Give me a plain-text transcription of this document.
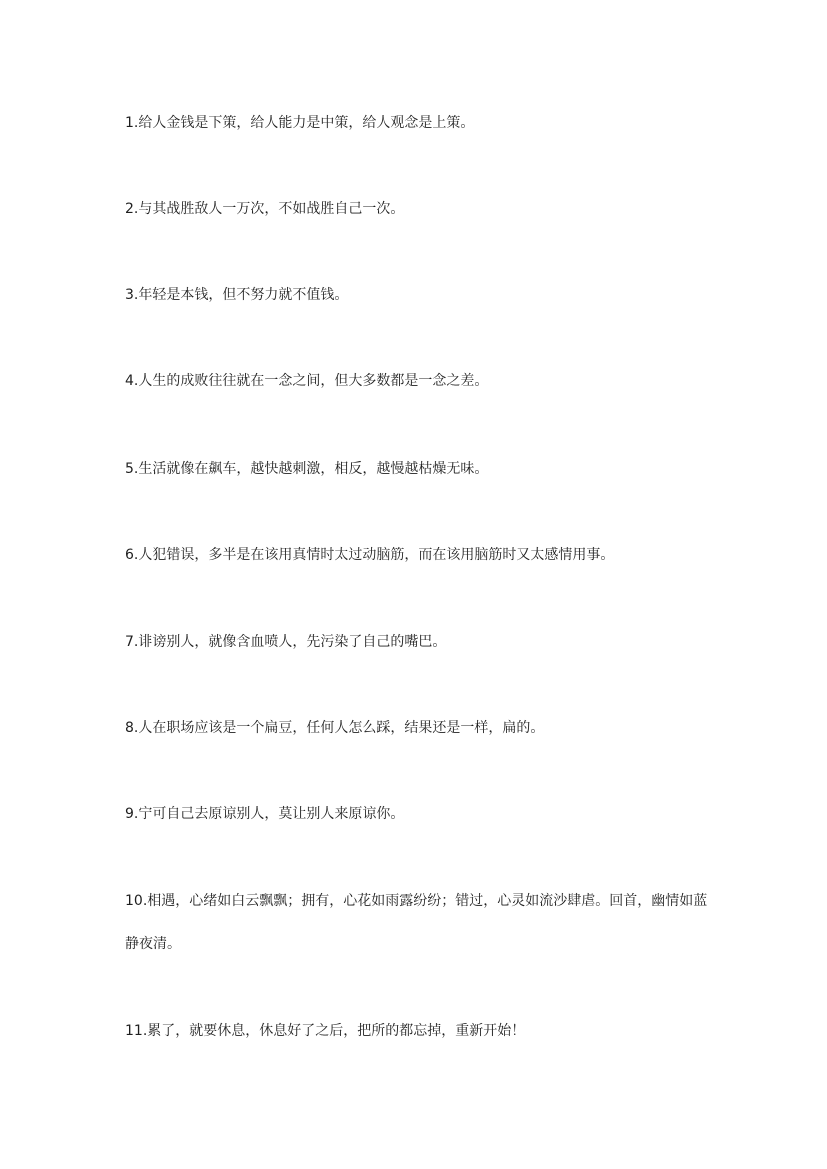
1.给人金钱是下策，给人能力是中策，给人观念是上策。

2.与其战胜敌人一万次，不如战胜自己一次。

3.年轻是本钱，但不努力就不值钱。

4.人生的成败往往就在一念之间，但大多数都是一念之差。

5.生活就像在飙车，越快越刺激，相反，越慢越枯燥无味。

6.人犯错误，多半是在该用真情时太过动脑筋，而在该用脑筋时又太感情用事。

7.诽谤别人，就像含血喷人，先污染了自己的嘴巴。

8.人在职场应该是一个扁豆，任何人怎么踩，结果还是一样，扁的。

9.宁可自己去原谅别人，莫让别人来原谅你。

10.相遇，心绪如白云飘飘；拥有，心花如雨露纷纷；错过，心灵如流沙肆虐。回首，幽情如蓝静夜清。

11.累了，就要休息，休息好了之后，把所的都忘掉，重新开始！
